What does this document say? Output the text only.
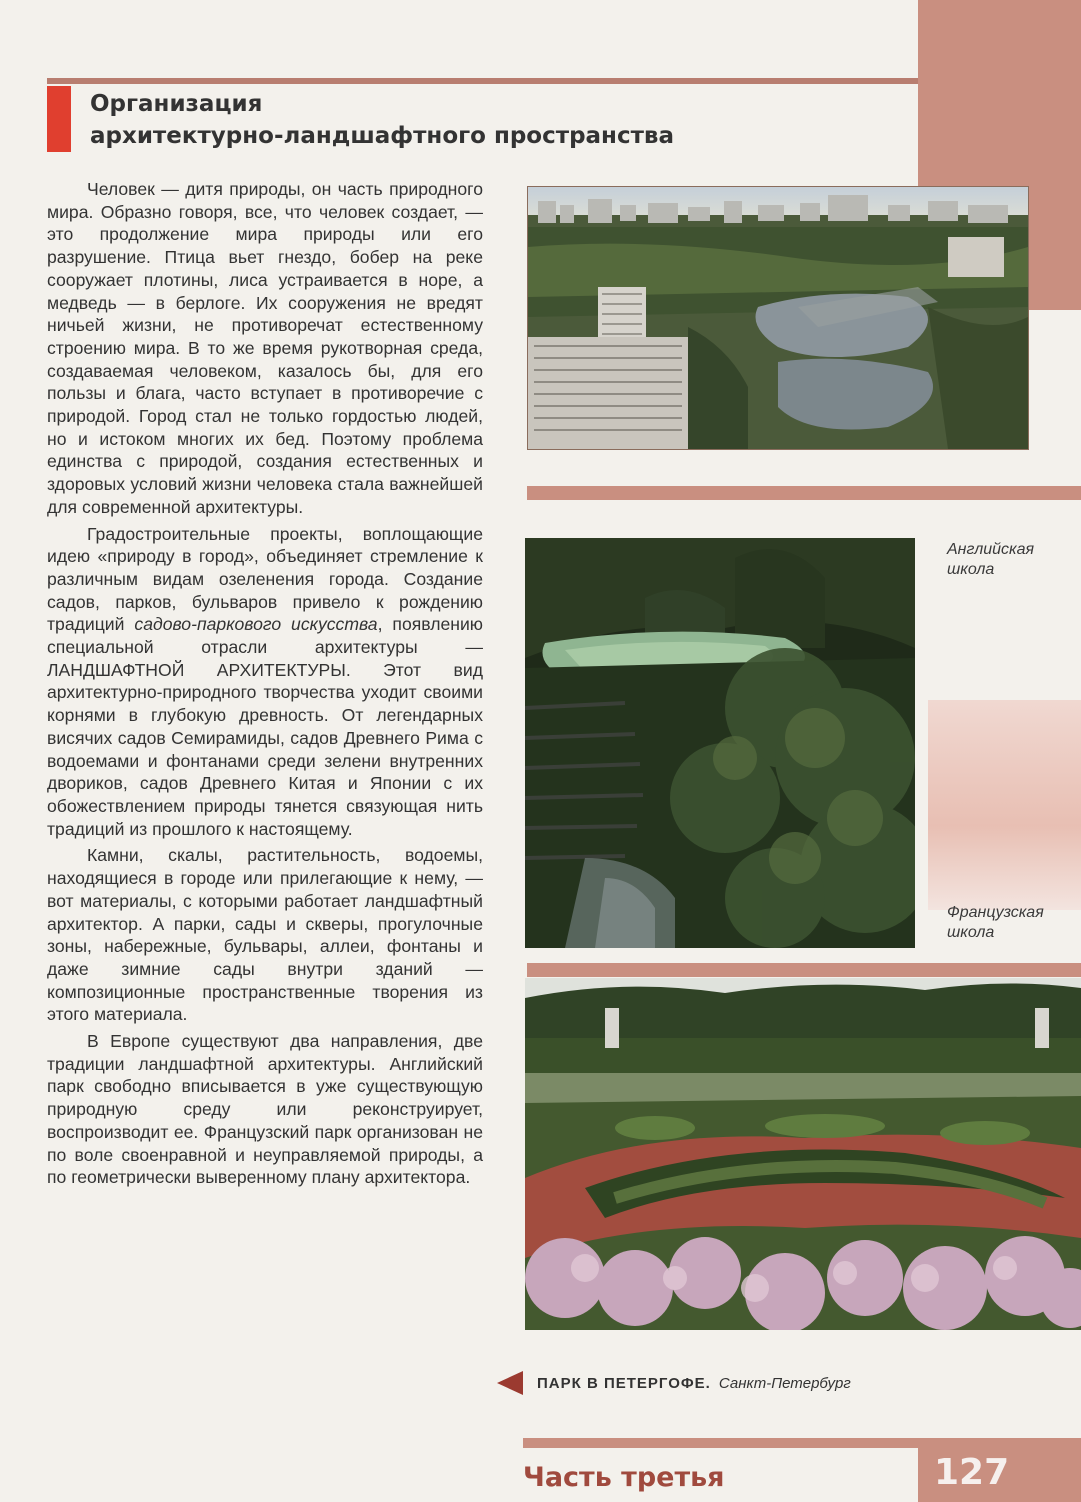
Организация
архитектурно-ландшафтного пространства

Человек — дитя природы, он часть природного мира. Образно говоря, все, что человек создает, — это продолжение мира природы или его разрушение. Птица вьет гнездо, бобер на реке сооружает плотины, лиса устраивается в норе, а медведь — в берлоге. Их сооружения не вредят ничьей жизни, не противоречат естественному строению мира. В то же время рукотворная среда, создаваемая человеком, казалось бы, для его пользы и блага, часто вступает в противоречие с природой. Город стал не только гордостью людей, но и истоком многих их бед. Поэтому проблема единства с природой, создания естественных и здоровых условий жизни человека стала важнейшей для современной архитектуры.

Градостроительные проекты, воплощающие идею «природу в город», объединяет стремление к различным видам озеленения города. Создание садов, парков, бульваров привело к рождению традиций садово-паркового искусства, появлению специальной отрасли архитектуры — ЛАНДШАФТНОЙ АРХИТЕКТУРЫ. Этот вид архитектурно-природного творчества уходит своими корнями в глубокую древность. От легендарных висячих садов Семирамиды, садов Древнего Рима с водоемами и фонтанами среди зелени внутренних двориков, садов Древнего Китая и Японии с их обожествлением природы тянется связующая нить традиций из прошлого к настоящему.

Камни, скалы, растительность, водоемы, находящиеся в городе или прилегающие к нему, — вот материалы, с которыми работает ландшафтный архитектор. А парки, сады и скверы, прогулочные зоны, набережные, бульвары, аллеи, фонтаны и даже зимние сады внутри зданий — композиционные пространственные творения из этого материала.

В Европе существуют два направления, две традиции ландшафтной архитектуры. Английский парк свободно вписывается в уже существующую природную среду или реконструирует, воспроизводит ее. Французский парк организован не по воле своенравной и неуправляемой природы, а по геометрически выверенному плану архитектора.

Английская
школа
Французская
школа
ПАРК В ПЕТЕРГОФЕ. Санкт-Петербург
Часть третья	127
